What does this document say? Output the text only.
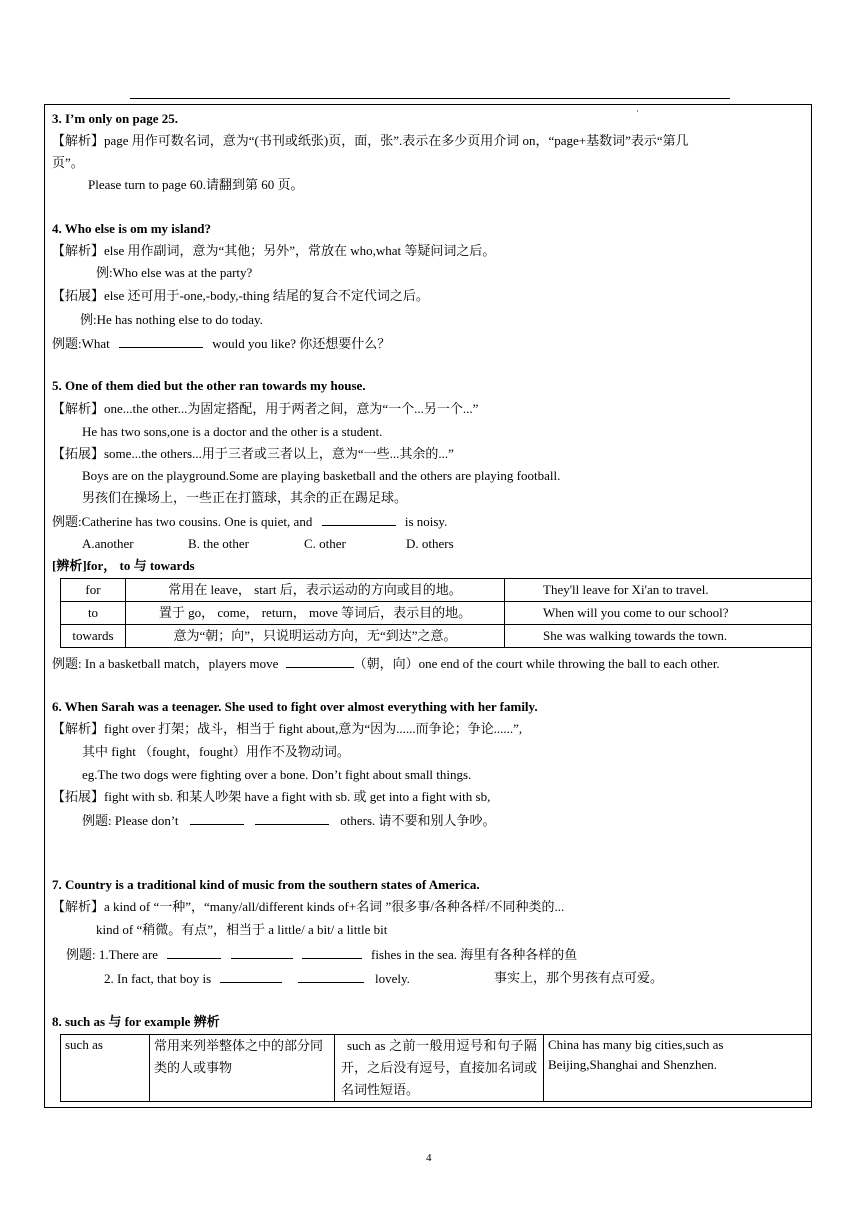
·
3. I’m only on page 25.
【解析】page 用作可数名词，意为“(书刊或纸张)页，面，张”.表示在多少页用介词 on，“page+基数词”表示“第几
页”。
Please turn to page 60.请翻到第 60 页。
4. Who else is om my island?
【解析】else 用作副词，意为“其他；另外”，常放在 who,what 等疑问词之后。
例:Who else was at the party?
【拓展】else 还可用于-one,-body,-thing 结尾的复合不定代词之后。
例:He has nothing else to do today.
例题:What	would you like? 你还想要什么？
5. One of them died but the other ran towards my house.
【解析】one...the other...为固定搭配，用于两者之间，意为“一个...另一个...”
He has two sons,one is a doctor and the other is a student.
【拓展】some...the others...用于三者或三者以上，意为“一些...其余的...”
Boys are on the playground.Some are playing basketball and the others are playing football.
男孩们在操场上，一些正在打篮球，其余的正在踢足球。
例题:Catherine has two cousins. One is quiet, and	is noisy.
A.another	B. the other	C. other	D. others
[辨析]for， to 与 towards
for	常用在 leave， start 后，表示运动的方向或目的地。	They'll leave for Xi'an to travel.
to	置于 go， come， return， move 等词后，表示目的地。	When will you come to our school?
towards	意为“朝；向”，只说明运动方向，无“到达”之意。	She was walking towards the town.
例题: In a basketball match，players move	（朝，向）one end of the court while throwing the ball to each other.
6. When Sarah was a teenager. She used to fight over almost everything with her family.
【解析】fight over 打架；战斗，相当于 fight about,意为“因为......而争论；争论......”,
其中 fight （fought，fought）用作不及物动词。
eg.The two dogs were fighting over a bone. Don’t fight about small things.
【拓展】fight with sb. 和某人吵架 have a fight with sb. 或 get into a fight with sb,
例题: Please don’t	others. 请不要和别人争吵。
7. Country is a traditional kind of music from the southern states of America.
【解析】a kind of “一种”，“many/all/different kinds of+名词 ”很多事/各种各样/不同种类的...
kind of “稍微。有点”，相当于 a little/ a bit/ a little bit
例题: 1.There are	fishes in the sea. 海里有各种各样的鱼
2. In fact, that boy is	lovely.	事实上，那个男孩有点可爱。
8. such as 与 for example 辨析
such as	常用来列举整体之中的部分同类的人或事物	such as 之前一般用逗号和句子隔开，之后没有逗号，直接加名词或名词性短语。	China has many big cities,such as Beijing,Shanghai and Shenzhen.
4
